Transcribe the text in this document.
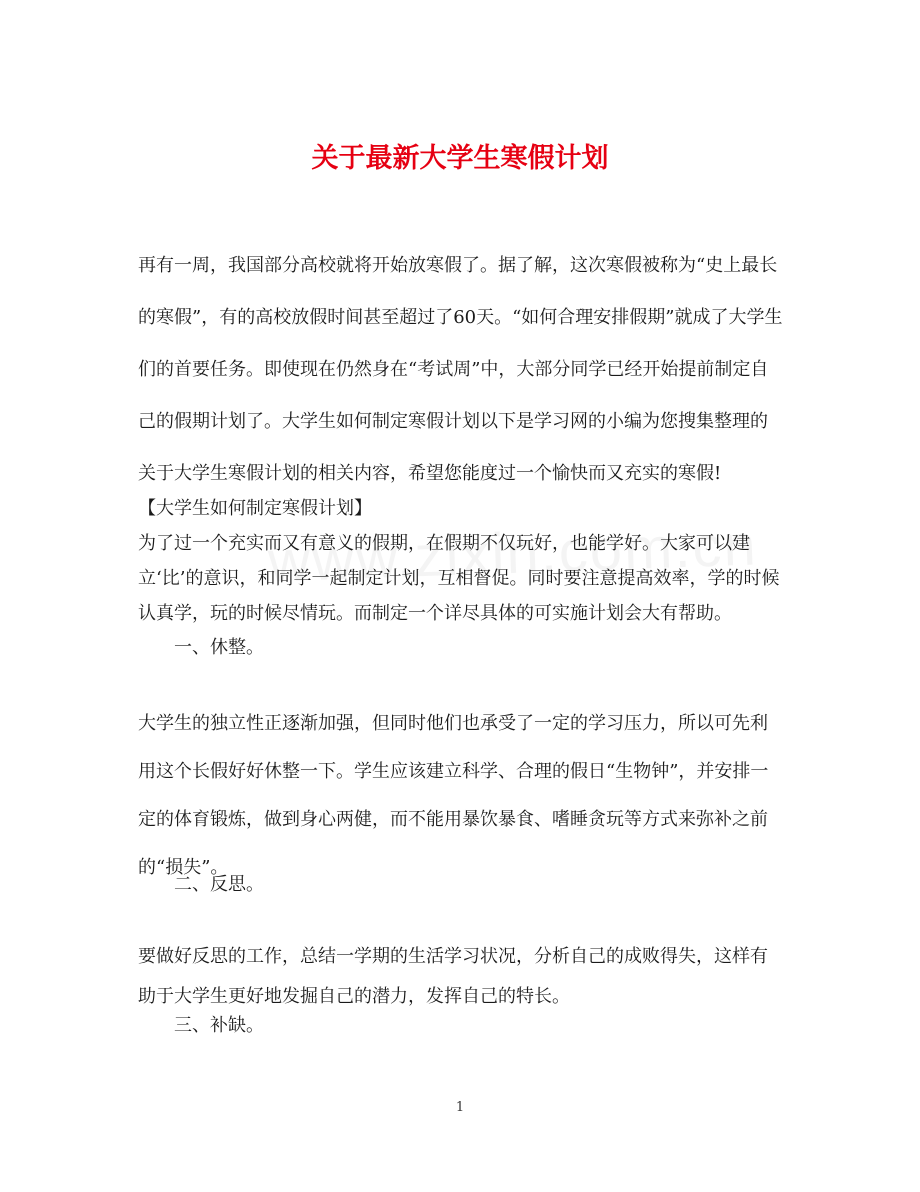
关于最新大学生寒假计划

再有一周，我国部分高校就将开始放寒假了。据了解，这次寒假被称为“史上最长的寒假”，有的高校放假时间甚至超过了60天。“如何合理安排假期”就成了大学生们的首要任务。即使现在仍然身在“考试周”中，大部分同学已经开始提前制定自己的假期计划了。大学生如何制定寒假计划以下是学习网的小编为您搜集整理的关于大学生寒假计划的相关内容，希望您能度过一个愉快而又充实的寒假!

【大学生如何制定寒假计划】

为了过一个充实而又有意义的假期，在假期不仅玩好，也能学好。大家可以建立‘比’的意识，和同学一起制定计划，互相督促。同时要注意提高效率，学的时候认真学，玩的时候尽情玩。而制定一个详尽具体的可实施计划会大有帮助。

一、休整。

大学生的独立性正逐渐加强，但同时他们也承受了一定的学习压力，所以可先利用这个长假好好休整一下。学生应该建立科学、合理的假日“生物钟”，并安排一定的体育锻炼，做到身心两健，而不能用暴饮暴食、嗜睡贪玩等方式来弥补之前的“损失”。

二、反思。

要做好反思的工作，总结一学期的生活学习状况，分析自己的成败得失，这样有助于大学生更好地发掘自己的潜力，发挥自己的特长。

三、补缺。

1
